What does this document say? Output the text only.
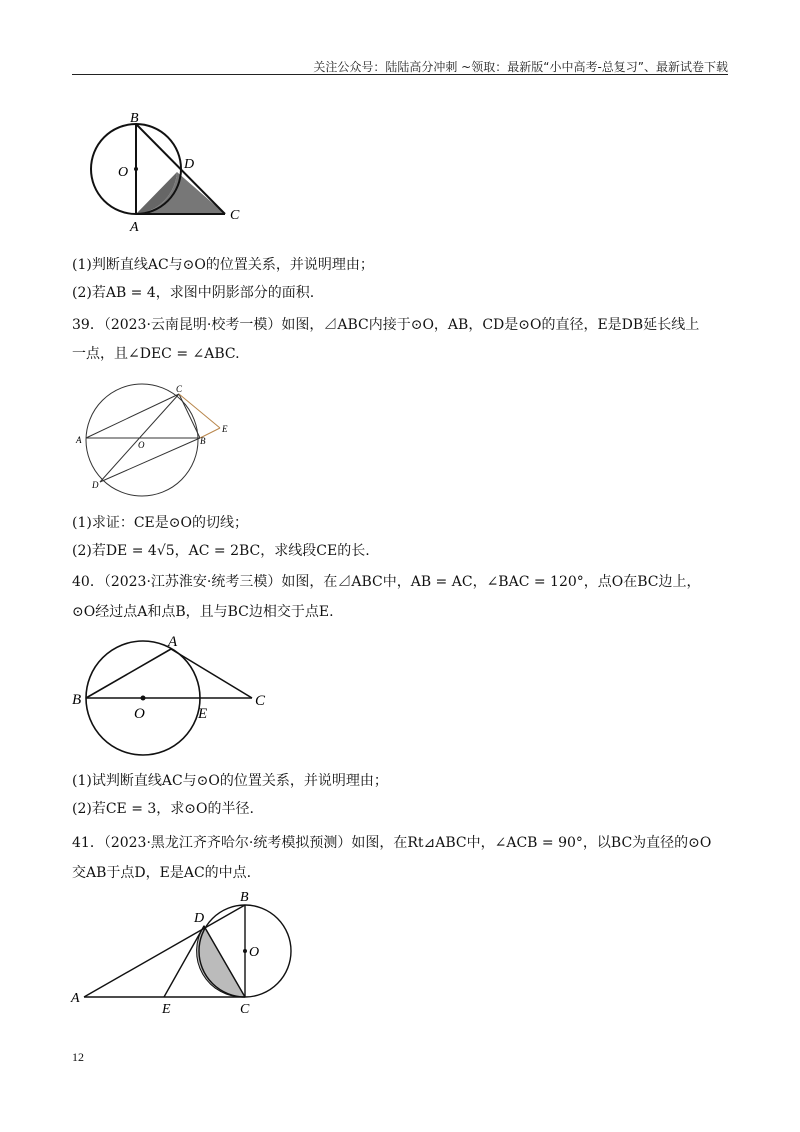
关注公众号：陆陆高分冲刺 ~领取：最新版“小中高考-总复习”、最新试卷下载
B
O
D
A
C
(1)判断直线AC与⊙O的位置关系，并说明理由；
(2)若AB = 4，求图中阴影部分的面积.
39．（2023·云南昆明·校考一模）如图，⊿ABC内接于⊙O，AB，CD是⊙O的直径，E是DB延长线上
一点，且∠DEC = ∠ABC.
C
A	O	B
E
D
(1)求证：CE是⊙O的切线；
(2)若DE = 4√5，AC = 2BC，求线段CE的长.
40．（2023·江苏淮安·统考三模）如图，在⊿ABC中，AB = AC，∠BAC = 120°，点O在BC边上，
⊙O经过点A和点B，且与BC边相交于点E.
A
B
O	E
C
(1)试判断直线AC与⊙O的位置关系，并说明理由；
(2)若CE = 3，求⊙O的半径.
41．（2023·黑龙江齐齐哈尔·统考模拟预测）如图，在Rt⊿ABC中，∠ACB = 90°，以BC为直径的⊙O
交AB于点D，E是AC的中点.
B
D
O
A
E	C
12
